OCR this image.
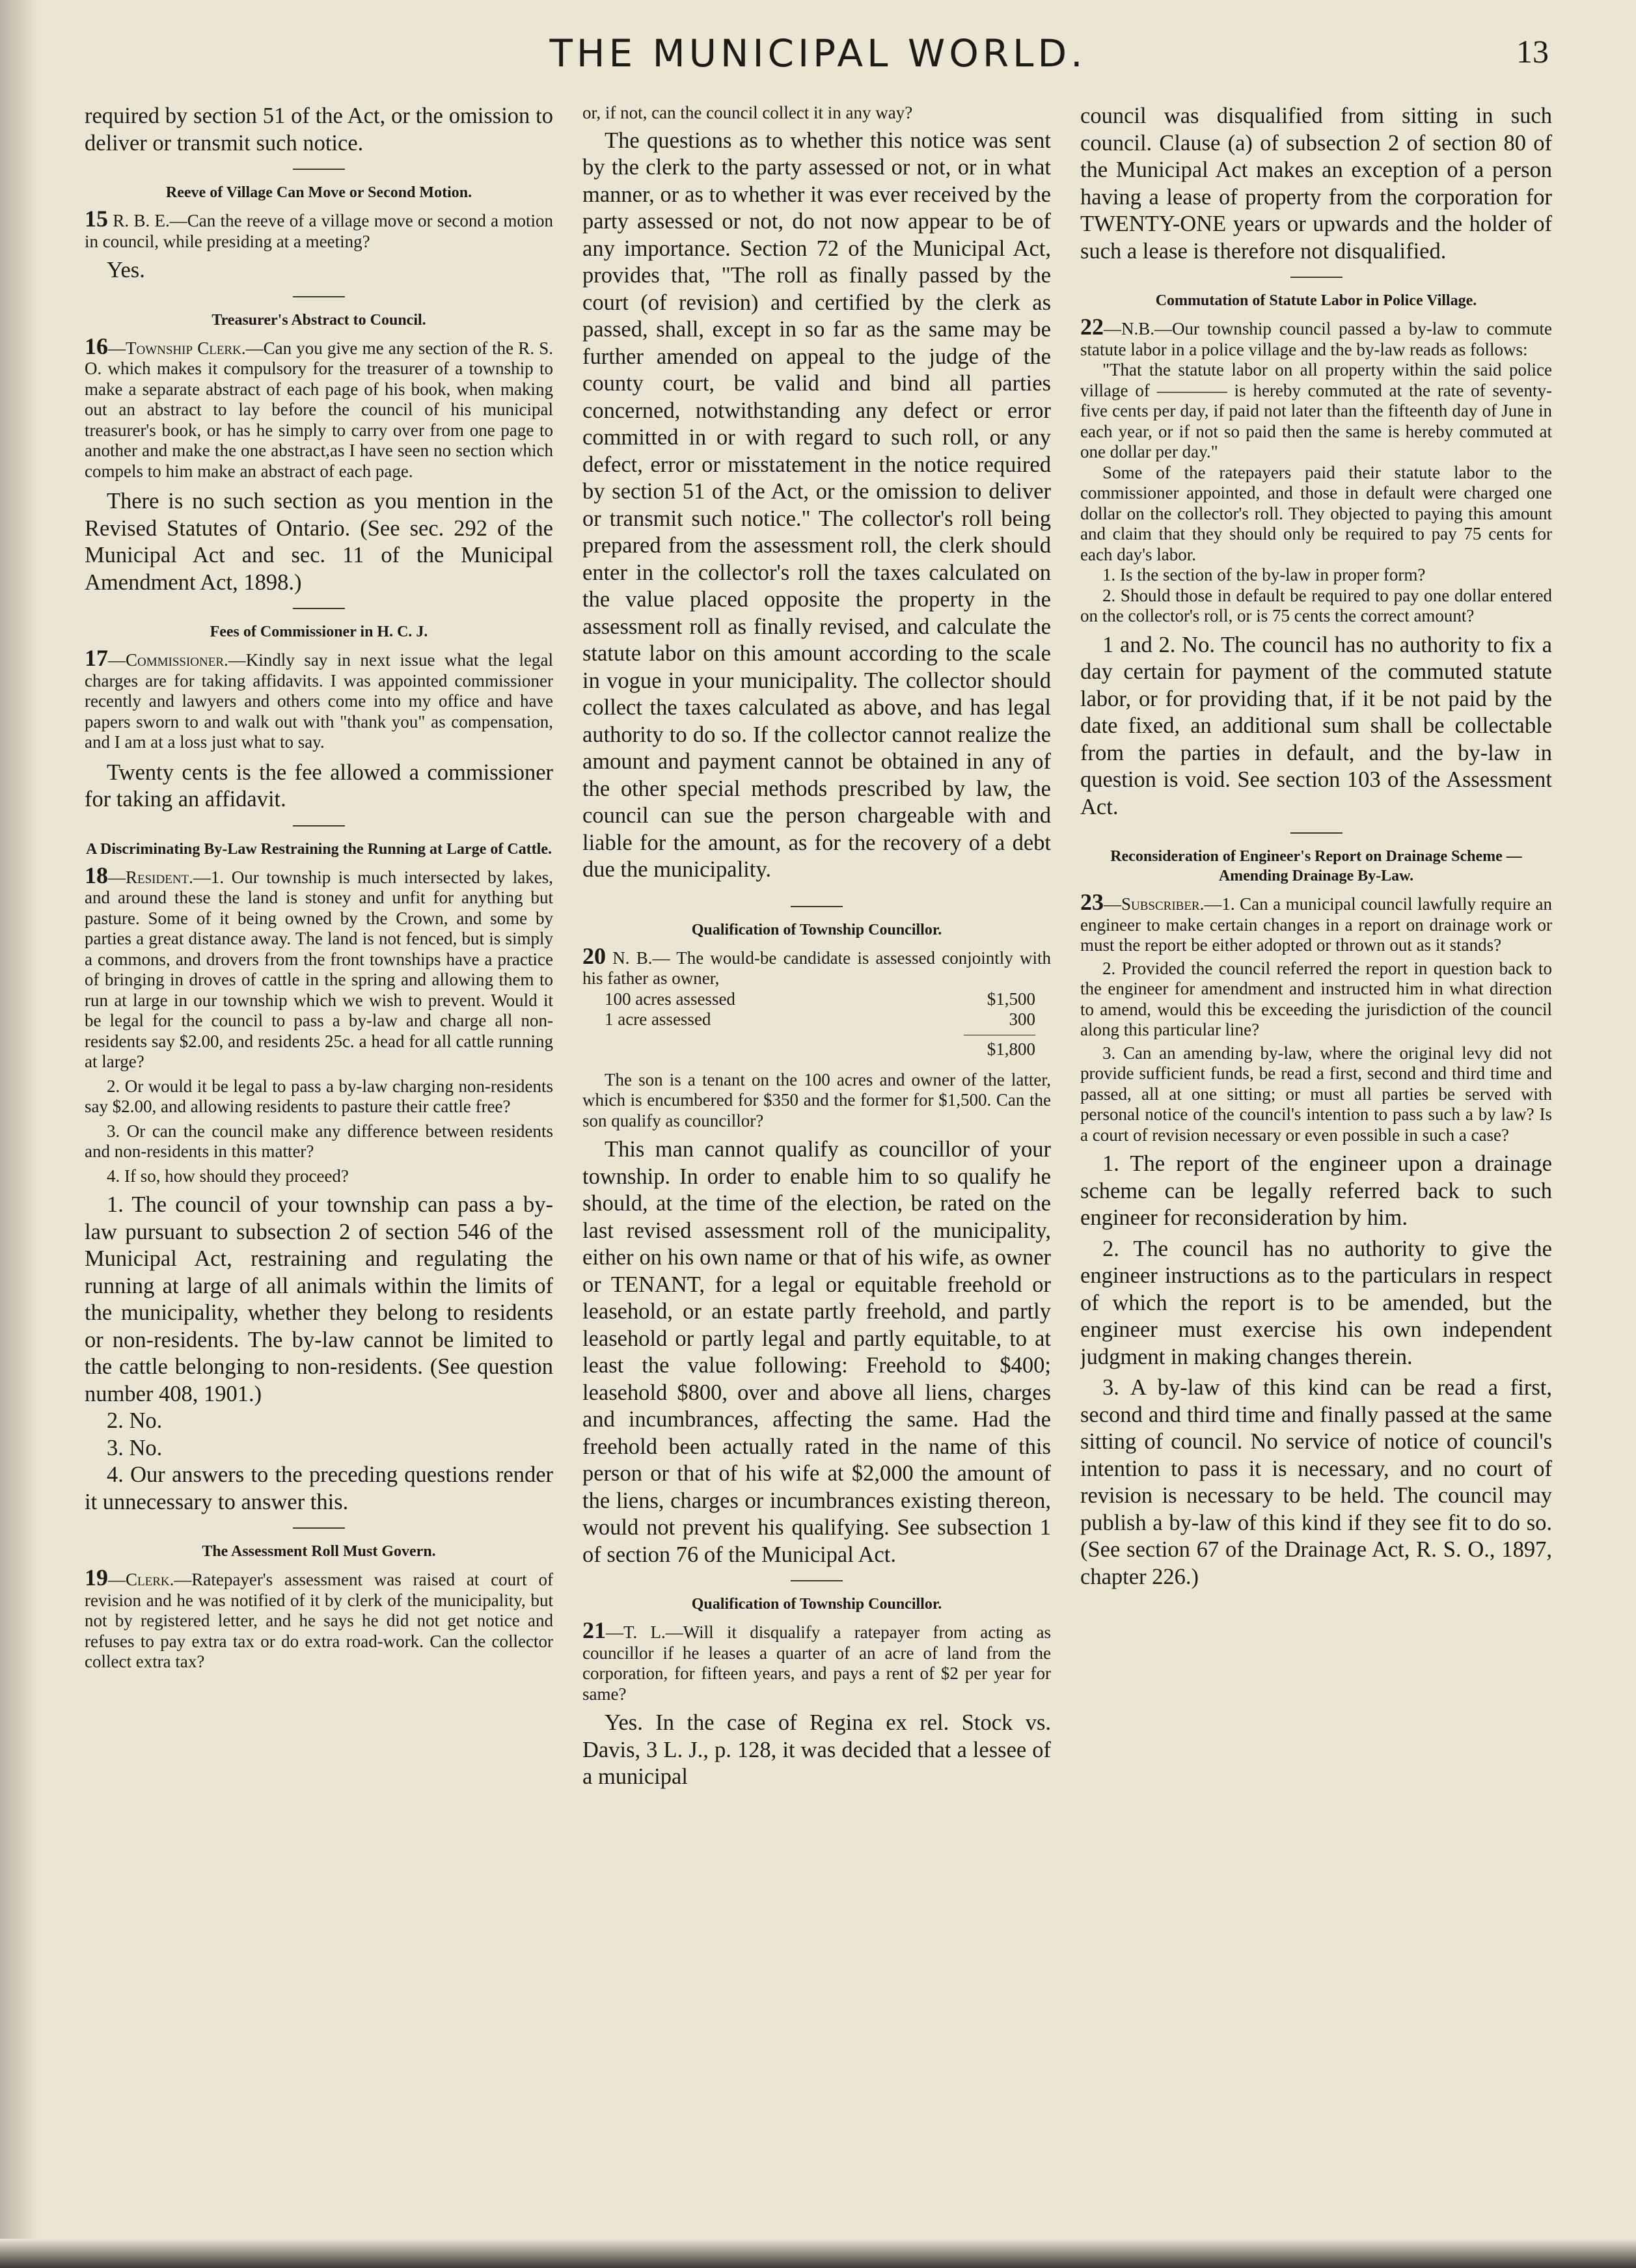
THE MUNICIPAL WORLD.	13

required by section 51 of the Act, or the omission to deliver or transmit such notice.

Reeve of Village Can Move or Second Motion.

15 R. B. E.—Can the reeve of a village move or second a motion in council, while presiding at a meeting?

Yes.

Treasurer's Abstract to Council.

16—Township Clerk.—Can you give me any section of the R. S. O. which makes it compulsory for the treasurer of a township to make a separate abstract of each page of his book, when making out an abstract to lay before the council of his municipal treasurer's book, or has he simply to carry over from one page to another and make the one abstract,as I have seen no section which compels to him make an abstract of each page.

There is no such section as you mention in the Revised Statutes of Ontario. (See sec. 292 of the Municipal Act and sec. 11 of the Municipal Amendment Act, 1898.)

Fees of Commissioner in H. C. J.

17—Commissioner.—Kindly say in next issue what the legal charges are for taking affidavits. I was appointed commissioner recently and lawyers and others come into my office and have papers sworn to and walk out with "thank you" as compensation, and I am at a loss just what to say.

Twenty cents is the fee allowed a commissioner for taking an affidavit.

A Discriminating By-Law Restraining the Running at Large of Cattle.

18—Resident.—1. Our township is much intersected by lakes, and around these the land is stoney and unfit for anything but pasture. Some of it being owned by the Crown, and some by parties a great distance away. The land is not fenced, but is simply a commons, and drovers from the front townships have a practice of bringing in droves of cattle in the spring and allowing them to run at large in our township which we wish to prevent. Would it be legal for the council to pass a by-law and charge all non-residents say $2.00, and residents 25c. a head for all cattle running at large?

2. Or would it be legal to pass a by-law charging non-residents say $2.00, and allowing residents to pasture their cattle free?

3. Or can the council make any difference between residents and non-residents in this matter?

4. If so, how should they proceed?

1. The council of your township can pass a by-law pursuant to subsection 2 of section 546 of the Municipal Act, restraining and regulating the running at large of all animals within the limits of the municipality, whether they belong to residents or non-residents. The by-law cannot be limited to the cattle belonging to non-residents. (See question number 408, 1901.)

2. No.

3. No.

4. Our answers to the preceding questions render it unnecessary to answer this.

The Assessment Roll Must Govern.

19—Clerk.—Ratepayer's assessment was raised at court of revision and he was notified of it by clerk of the municipality, but not by registered letter, and he says he did not get notice and refuses to pay extra tax or do extra road-work. Can the collector collect extra tax?

or, if not, can the council collect it in any way?

The questions as to whether this notice was sent by the clerk to the party assessed or not, or in what manner, or as to whether it was ever received by the party assessed or not, do not now appear to be of any importance. Section 72 of the Municipal Act, provides that, "The roll as finally passed by the court (of revision) and certified by the clerk as passed, shall, except in so far as the same may be further amended on appeal to the judge of the county court, be valid and bind all parties concerned, notwithstanding any defect or error committed in or with regard to such roll, or any defect, error or misstatement in the notice required by section 51 of the Act, or the omission to deliver or transmit such notice." The collector's roll being prepared from the assessment roll, the clerk should enter in the collector's roll the taxes calculated on the value placed opposite the property in the assessment roll as finally revised, and calculate the statute labor on this amount according to the scale in vogue in your municipality. The collector should collect the taxes calculated as above, and has legal authority to do so. If the collector cannot realize the amount and payment cannot be obtained in any of the other special methods prescribed by law, the council can sue the person chargeable with and liable for the amount, as for the recovery of a debt due the municipality.

Qualification of Township Councillor.

20 N. B.— The would-be candidate is assessed conjointly with his father as owner,

100 acres assessed	$1,500
1 acre assessed	300
$1,800

The son is a tenant on the 100 acres and owner of the latter, which is encumbered for $350 and the former for $1,500. Can the son qualify as councillor?

This man cannot qualify as councillor of your township. In order to enable him to so qualify he should, at the time of the election, be rated on the last revised assessment roll of the municipality, either on his own name or that of his wife, as owner or TENANT, for a legal or equitable freehold or leasehold, or an estate partly freehold, and partly leasehold or partly legal and partly equitable, to at least the value following: Freehold to $400; leasehold $800, over and above all liens, charges and incumbrances, affecting the same. Had the freehold been actually rated in the name of this person or that of his wife at $2,000 the amount of the liens, charges or incumbrances existing thereon, would not prevent his qualifying. See subsection 1 of section 76 of the Municipal Act.

Qualification of Township Councillor.

21—T. L.—Will it disqualify a ratepayer from acting as councillor if he leases a quarter of an acre of land from the corporation, for fifteen years, and pays a rent of $2 per year for same?

Yes. In the case of Regina ex rel. Stock vs. Davis, 3 L. J., p. 128, it was decided that a lessee of a municipal

council was disqualified from sitting in such council. Clause (a) of subsection 2 of section 80 of the Municipal Act makes an exception of a person having a lease of property from the corporation for TWENTY-ONE years or upwards and the holder of such a lease is therefore not disqualified.

Commutation of Statute Labor in Police Village.

22—N.B.—Our township council passed a by-law to commute statute labor in a police village and the by-law reads as follows:

"That the statute labor on all property within the said police village of ———— is hereby commuted at the rate of seventy-five cents per day, if paid not later than the fifteenth day of June in each year, or if not so paid then the same is hereby commuted at one dollar per day."

Some of the ratepayers paid their statute labor to the commissioner appointed, and those in default were charged one dollar on the collector's roll. They objected to paying this amount and claim that they should only be required to pay 75 cents for each day's labor.

1. Is the section of the by-law in proper form?

2. Should those in default be required to pay one dollar entered on the collector's roll, or is 75 cents the correct amount?

1 and 2. No. The council has no authority to fix a day certain for payment of the commuted statute labor, or for providing that, if it be not paid by the date fixed, an additional sum shall be collectable from the parties in default, and the by-law in question is void. See section 103 of the Assessment Act.

Reconsideration of Engineer's Report on Drainage Scheme —Amending Drainage By-Law.

23—Subscriber.—1. Can a municipal council lawfully require an engineer to make certain changes in a report on drainage work or must the report be either adopted or thrown out as it stands?

2. Provided the council referred the report in question back to the engineer for amendment and instructed him in what direction to amend, would this be exceeding the jurisdiction of the council along this particular line?

3. Can an amending by-law, where the original levy did not provide sufficient funds, be read a first, second and third time and passed, all at one sitting; or must all parties be served with personal notice of the council's intention to pass such a by law? Is a court of revision necessary or even possible in such a case?

1. The report of the engineer upon a drainage scheme can be legally referred back to such engineer for reconsideration by him.

2. The council has no authority to give the engineer instructions as to the particulars in respect of which the report is to be amended, but the engineer must exercise his own independent judgment in making changes therein.

3. A by-law of this kind can be read a first, second and third time and finally passed at the same sitting of council. No service of notice of council's intention to pass it is necessary, and no court of revision is necessary to be held. The council may publish a by-law of this kind if they see fit to do so. (See section 67 of the Drainage Act, R. S. O., 1897, chapter 226.)
